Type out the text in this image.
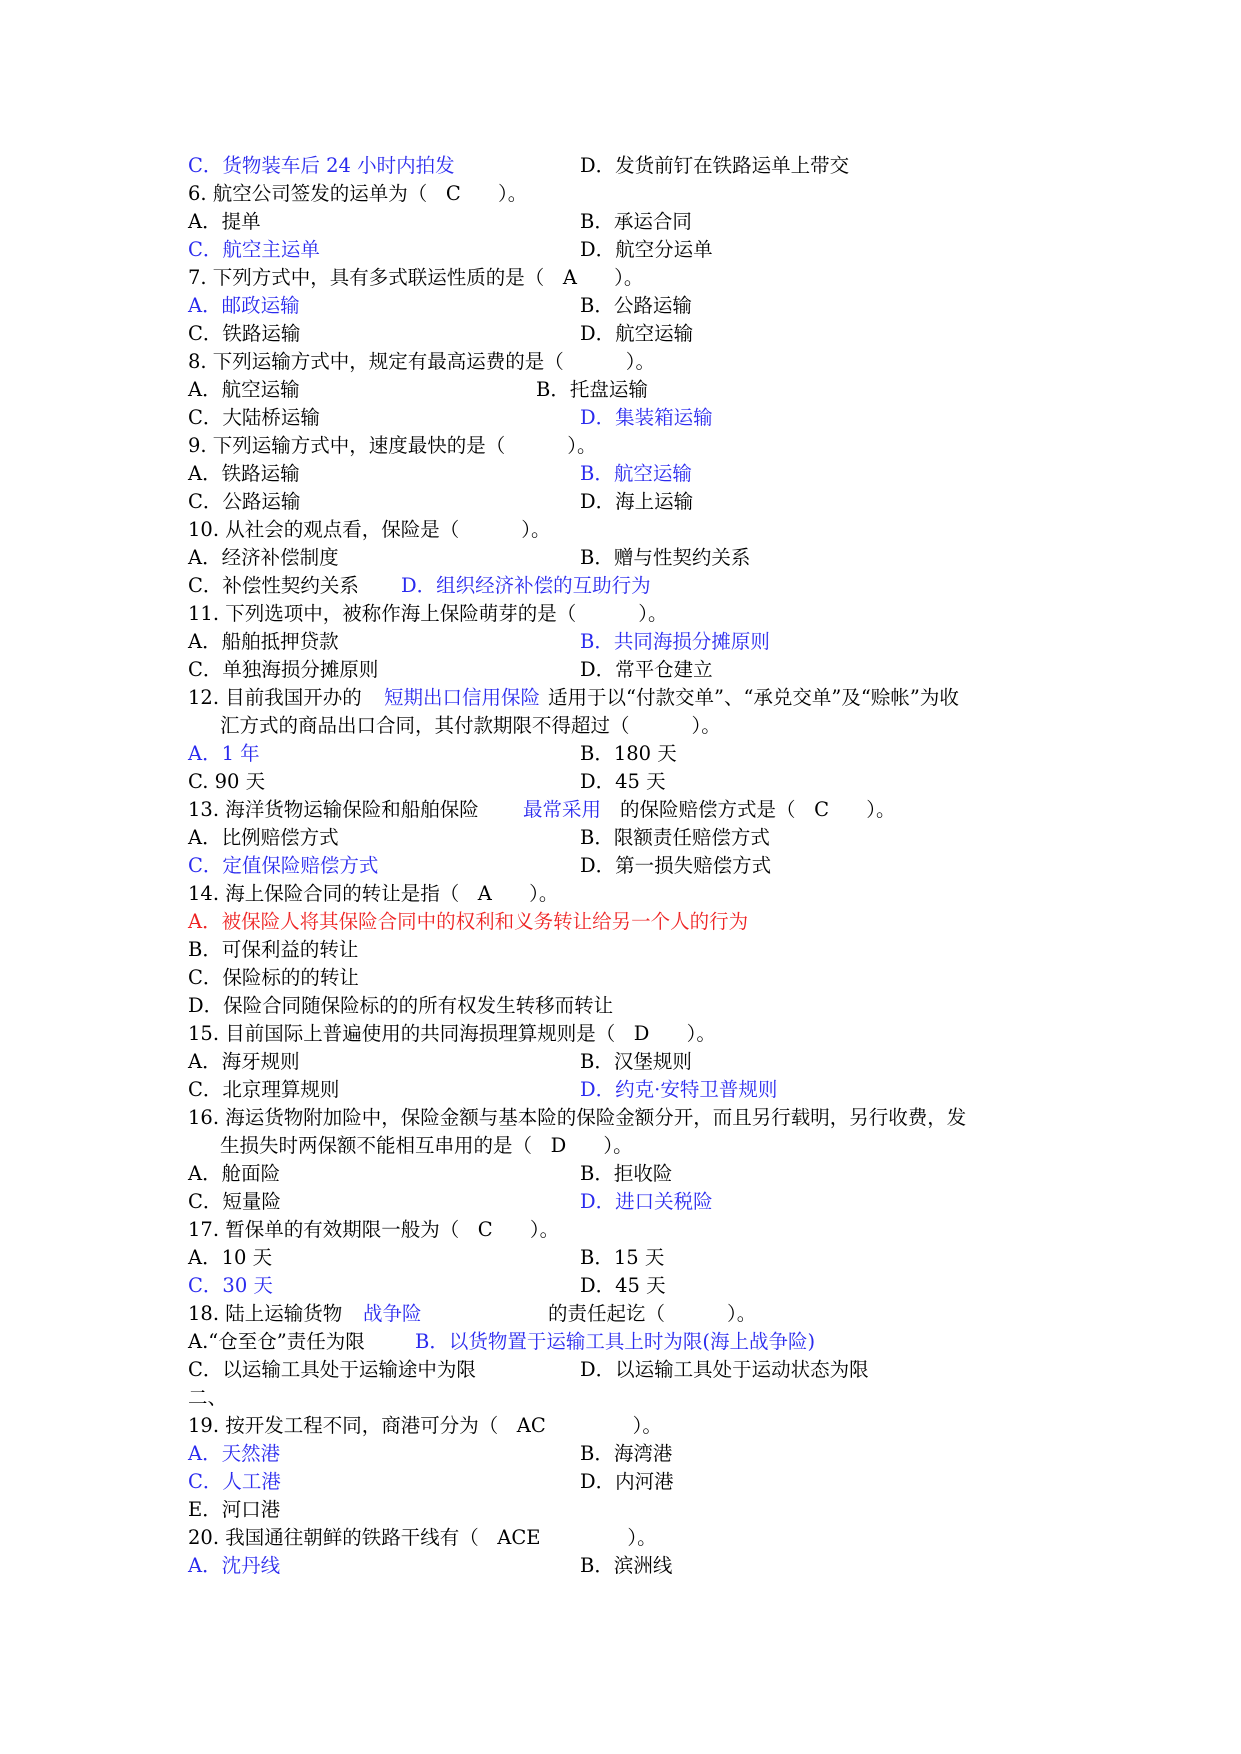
C．货物装车后 24 小时内拍发	D．发货前钉在铁路运单上带交
6. 航空公司签发的运单为（   C      ）。
A．提单	B．承运合同
C．航空主运单	D．航空分运单
7. 下列方式中，具有多式联运性质的是（   A      ）。
A．邮政运输	B．公路运输
C．铁路运输	D．航空运输
8. 下列运输方式中，规定有最高运费的是（          ）。
A．航空运输	B．托盘运输
C．大陆桥运输	D．集装箱运输
9. 下列运输方式中，速度最快的是（          ）。
A．铁路运输	B．航空运输
C．公路运输	D．海上运输
10. 从社会的观点看，保险是（          ）。
A．经济补偿制度	B．赠与性契约关系
C．补偿性契约关系 D．组织经济补偿的互助行为
11. 下列选项中，被称作海上保险萌芽的是（          ）。
A．船舶抵押贷款	B．共同海损分摊原则
C．单独海损分摊原则	D．常平仓建立
12. 目前我国开办的 短期出口信用保险 适用于以“付款交单”、“承兑交单”及“赊帐”为收
汇方式的商品出口合同，其付款期限不得超过（          ）。
A．1 年	B．180 天
C. 90 天	D．45 天
13. 海洋货物运输保险和船舶保险 最常采用 的保险赔偿方式是（   C      ）。
A．比例赔偿方式	B．限额责任赔偿方式
C．定值保险赔偿方式	D．第一损失赔偿方式
14. 海上保险合同的转让是指（   A      ）。
A．被保险人将其保险合同中的权利和义务转让给另一个人的行为
B．可保利益的转让
C．保险标的的转让
D．保险合同随保险标的的所有权发生转移而转让
15. 目前国际上普遍使用的共同海损理算规则是（   D      ）。
A．海牙规则	B．汉堡规则
C．北京理算规则	D．约克·安特卫普规则
16. 海运货物附加险中，保险金额与基本险的保险金额分开，而且另行载明，另行收费，发
生损失时两保额不能相互串用的是（   D      ）。
A．舱面险	B．拒收险
C．短量险	D．进口关税险
17. 暂保单的有效期限一般为（   C      ）。
A．10 天	B．15 天
C．30 天	D．45 天
18. 陆上运输货物 战争险	的责任起讫（          ）。
A.“仓至仓”责任为限	B．以货物置于运输工具上时为限(海上战争险)
C．以运输工具处于运输途中为限	D．以运输工具处于运动状态为限
二、
19. 按开发工程不同，商港可分为（   AC              ）。
A．天然港	B．海湾港
C．人工港	D．内河港
E．河口港
20. 我国通往朝鲜的铁路干线有（   ACE              ）。
A．沈丹线	B．滨洲线
